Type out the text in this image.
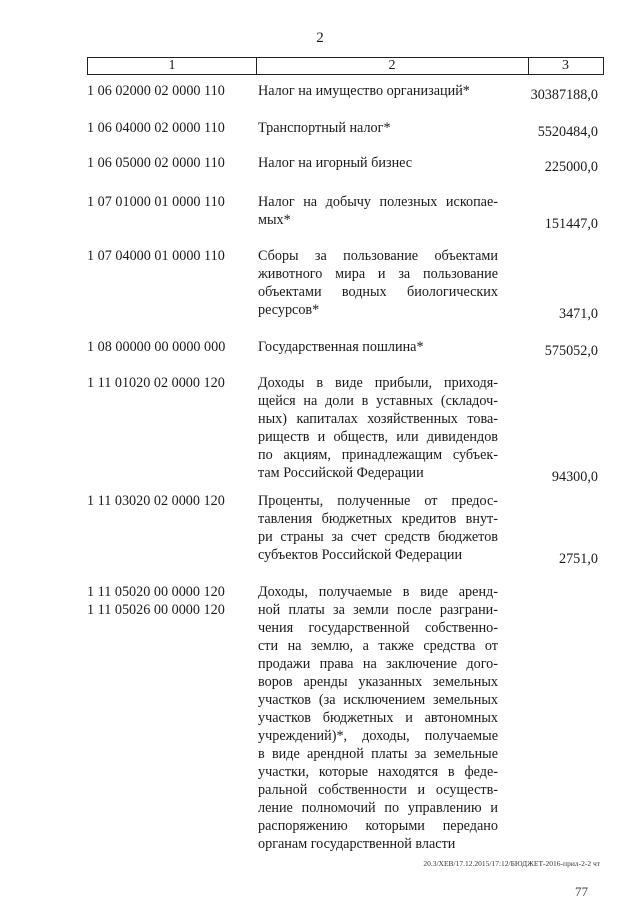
2
1	2	3
1 06 02000 02 0000 110	Налог на имущество организаций*	30387188,0
1 06 04000 02 0000 110	Транспортный налог*	5520484,0
1 06 05000 02 0000 110	Налог на игорный бизнес	225000,0
1 07 01000 01 0000 110	Налог на добычу полезных ископае-
мых*	151447,0
1 07 04000 01 0000 110	Сборы за пользование объектами
животного мира и за пользование
объектами водных биологических
ресурсов*	3471,0
1 08 00000 00 0000 000	Государственная пошлина*	575052,0
1 11 01020 02 0000 120	Доходы в виде прибыли, приходя-
щейся на доли в уставных (складоч-
ных) капиталах хозяйственных това-
риществ и обществ, или дивидендов
по акциям, принадлежащим субъек-
там Российской Федерации	94300,0
1 11 03020 02 0000 120	Проценты, полученные от предос-
тавления бюджетных кредитов внут-
ри страны за счет средств бюджетов
субъектов Российской Федерации	2751,0
1 11 05020 00 0000 120
1 11 05026 00 0000 120
Доходы, получаемые в виде аренд-
ной платы за земли после разграни-
чения государственной собственно-
сти на землю, а также средства от
продажи права на заключение дого-
воров аренды указанных земельных
участков (за исключением земельных
участков бюджетных и автономных
учреждений)*, доходы, получаемые
в виде арендной платы за земельные
участки, которые находятся в феде-
ральной собственности и осуществ-
ление полномочий по управлению и
распоряжению которыми передано
органам государственной власти
20.3/ХЕВ/17.12.2015/17:12/БЮДЖЕТ-2016-прил-2-2 чт
77
